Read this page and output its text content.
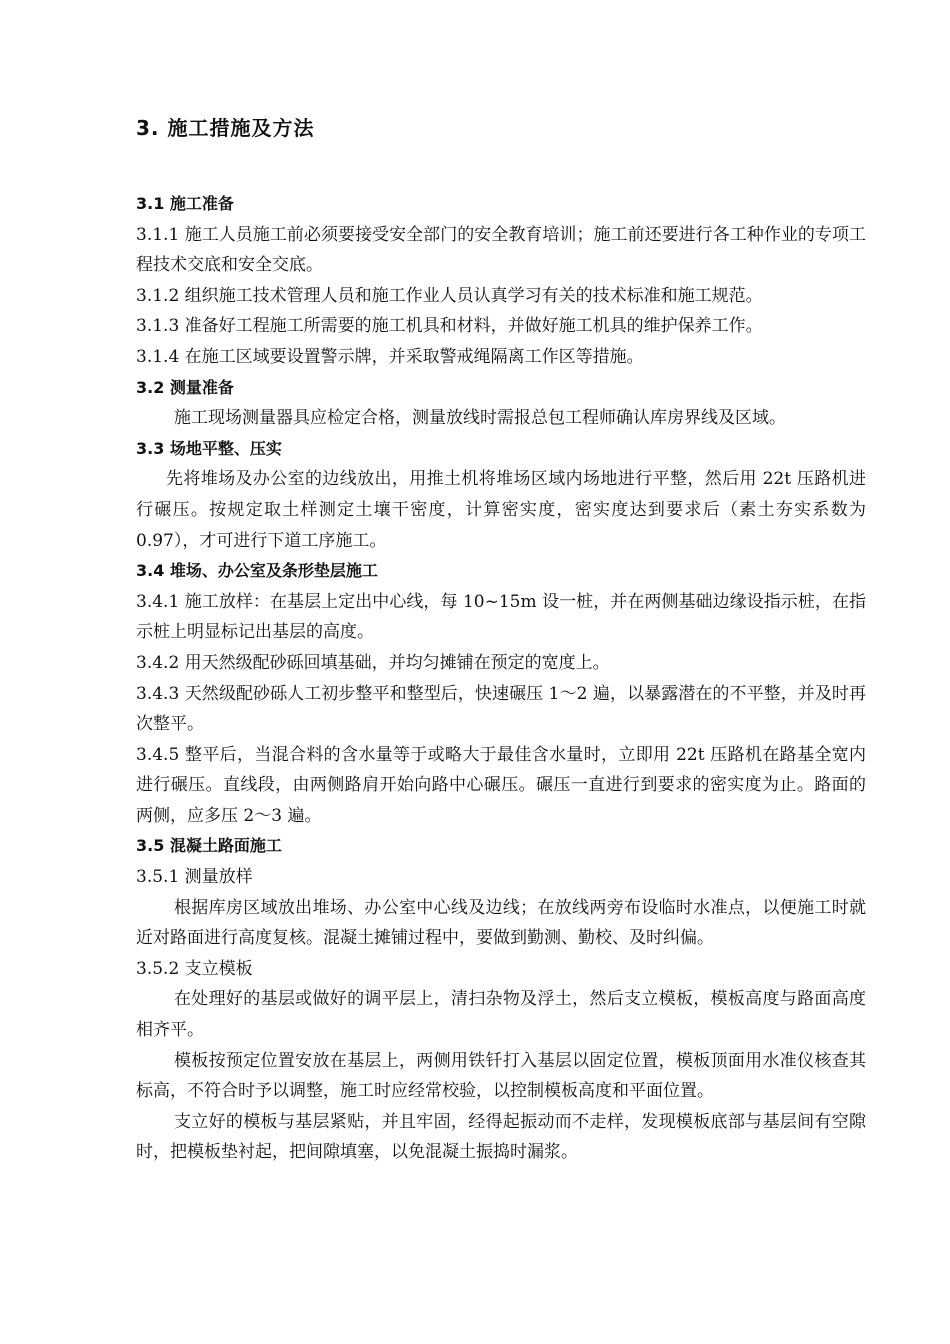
3. 施工措施及方法

3.1 施工准备

3.1.1 施工人员施工前必须要接受安全部门的安全教育培训；施工前还要进行各工种作业的专项工程技术交底和安全交底。

3.1.2 组织施工技术管理人员和施工作业人员认真学习有关的技术标准和施工规范。

3.1.3 准备好工程施工所需要的施工机具和材料，并做好施工机具的维护保养工作。

3.1.4 在施工区域要设置警示牌，并采取警戒绳隔离工作区等措施。

3.2 测量准备

施工现场测量器具应检定合格，测量放线时需报总包工程师确认库房界线及区域。

3.3 场地平整、压实

先将堆场及办公室的边线放出，用推土机将堆场区域内场地进行平整，然后用 22t 压路机进行碾压。按规定取土样测定土壤干密度，计算密实度，密实度达到要求后（素土夯实系数为 0.97），才可进行下道工序施工。

3.4 堆场、办公室及条形垫层施工

3.4.1 施工放样：在基层上定出中心线，每 10~15m 设一桩，并在两侧基础边缘设指示桩，在指示桩上明显标记出基层的高度。

3.4.2 用天然级配砂砾回填基础，并均匀摊铺在预定的宽度上。

3.4.3 天然级配砂砾人工初步整平和整型后，快速碾压 1～2 遍，以暴露潜在的不平整，并及时再次整平。

3.4.5 整平后，当混合料的含水量等于或略大于最佳含水量时，立即用 22t 压路机在路基全宽内进行碾压。直线段，由两侧路肩开始向路中心碾压。碾压一直进行到要求的密实度为止。路面的两侧，应多压 2～3 遍。

3.5 混凝土路面施工

3.5.1 测量放样

根据库房区域放出堆场、办公室中心线及边线；在放线两旁布设临时水准点，以便施工时就近对路面进行高度复核。混凝土摊铺过程中，要做到勤测、勤校、及时纠偏。

3.5.2 支立模板

在处理好的基层或做好的调平层上，清扫杂物及浮土，然后支立模板，模板高度与路面高度相齐平。

模板按预定位置安放在基层上，两侧用铁钎打入基层以固定位置，模板顶面用水准仪核查其标高，不符合时予以调整，施工时应经常校验，以控制模板高度和平面位置。

支立好的模板与基层紧贴，并且牢固，经得起振动而不走样，发现模板底部与基层间有空隙时，把模板垫衬起，把间隙填塞，以免混凝土振捣时漏浆。
